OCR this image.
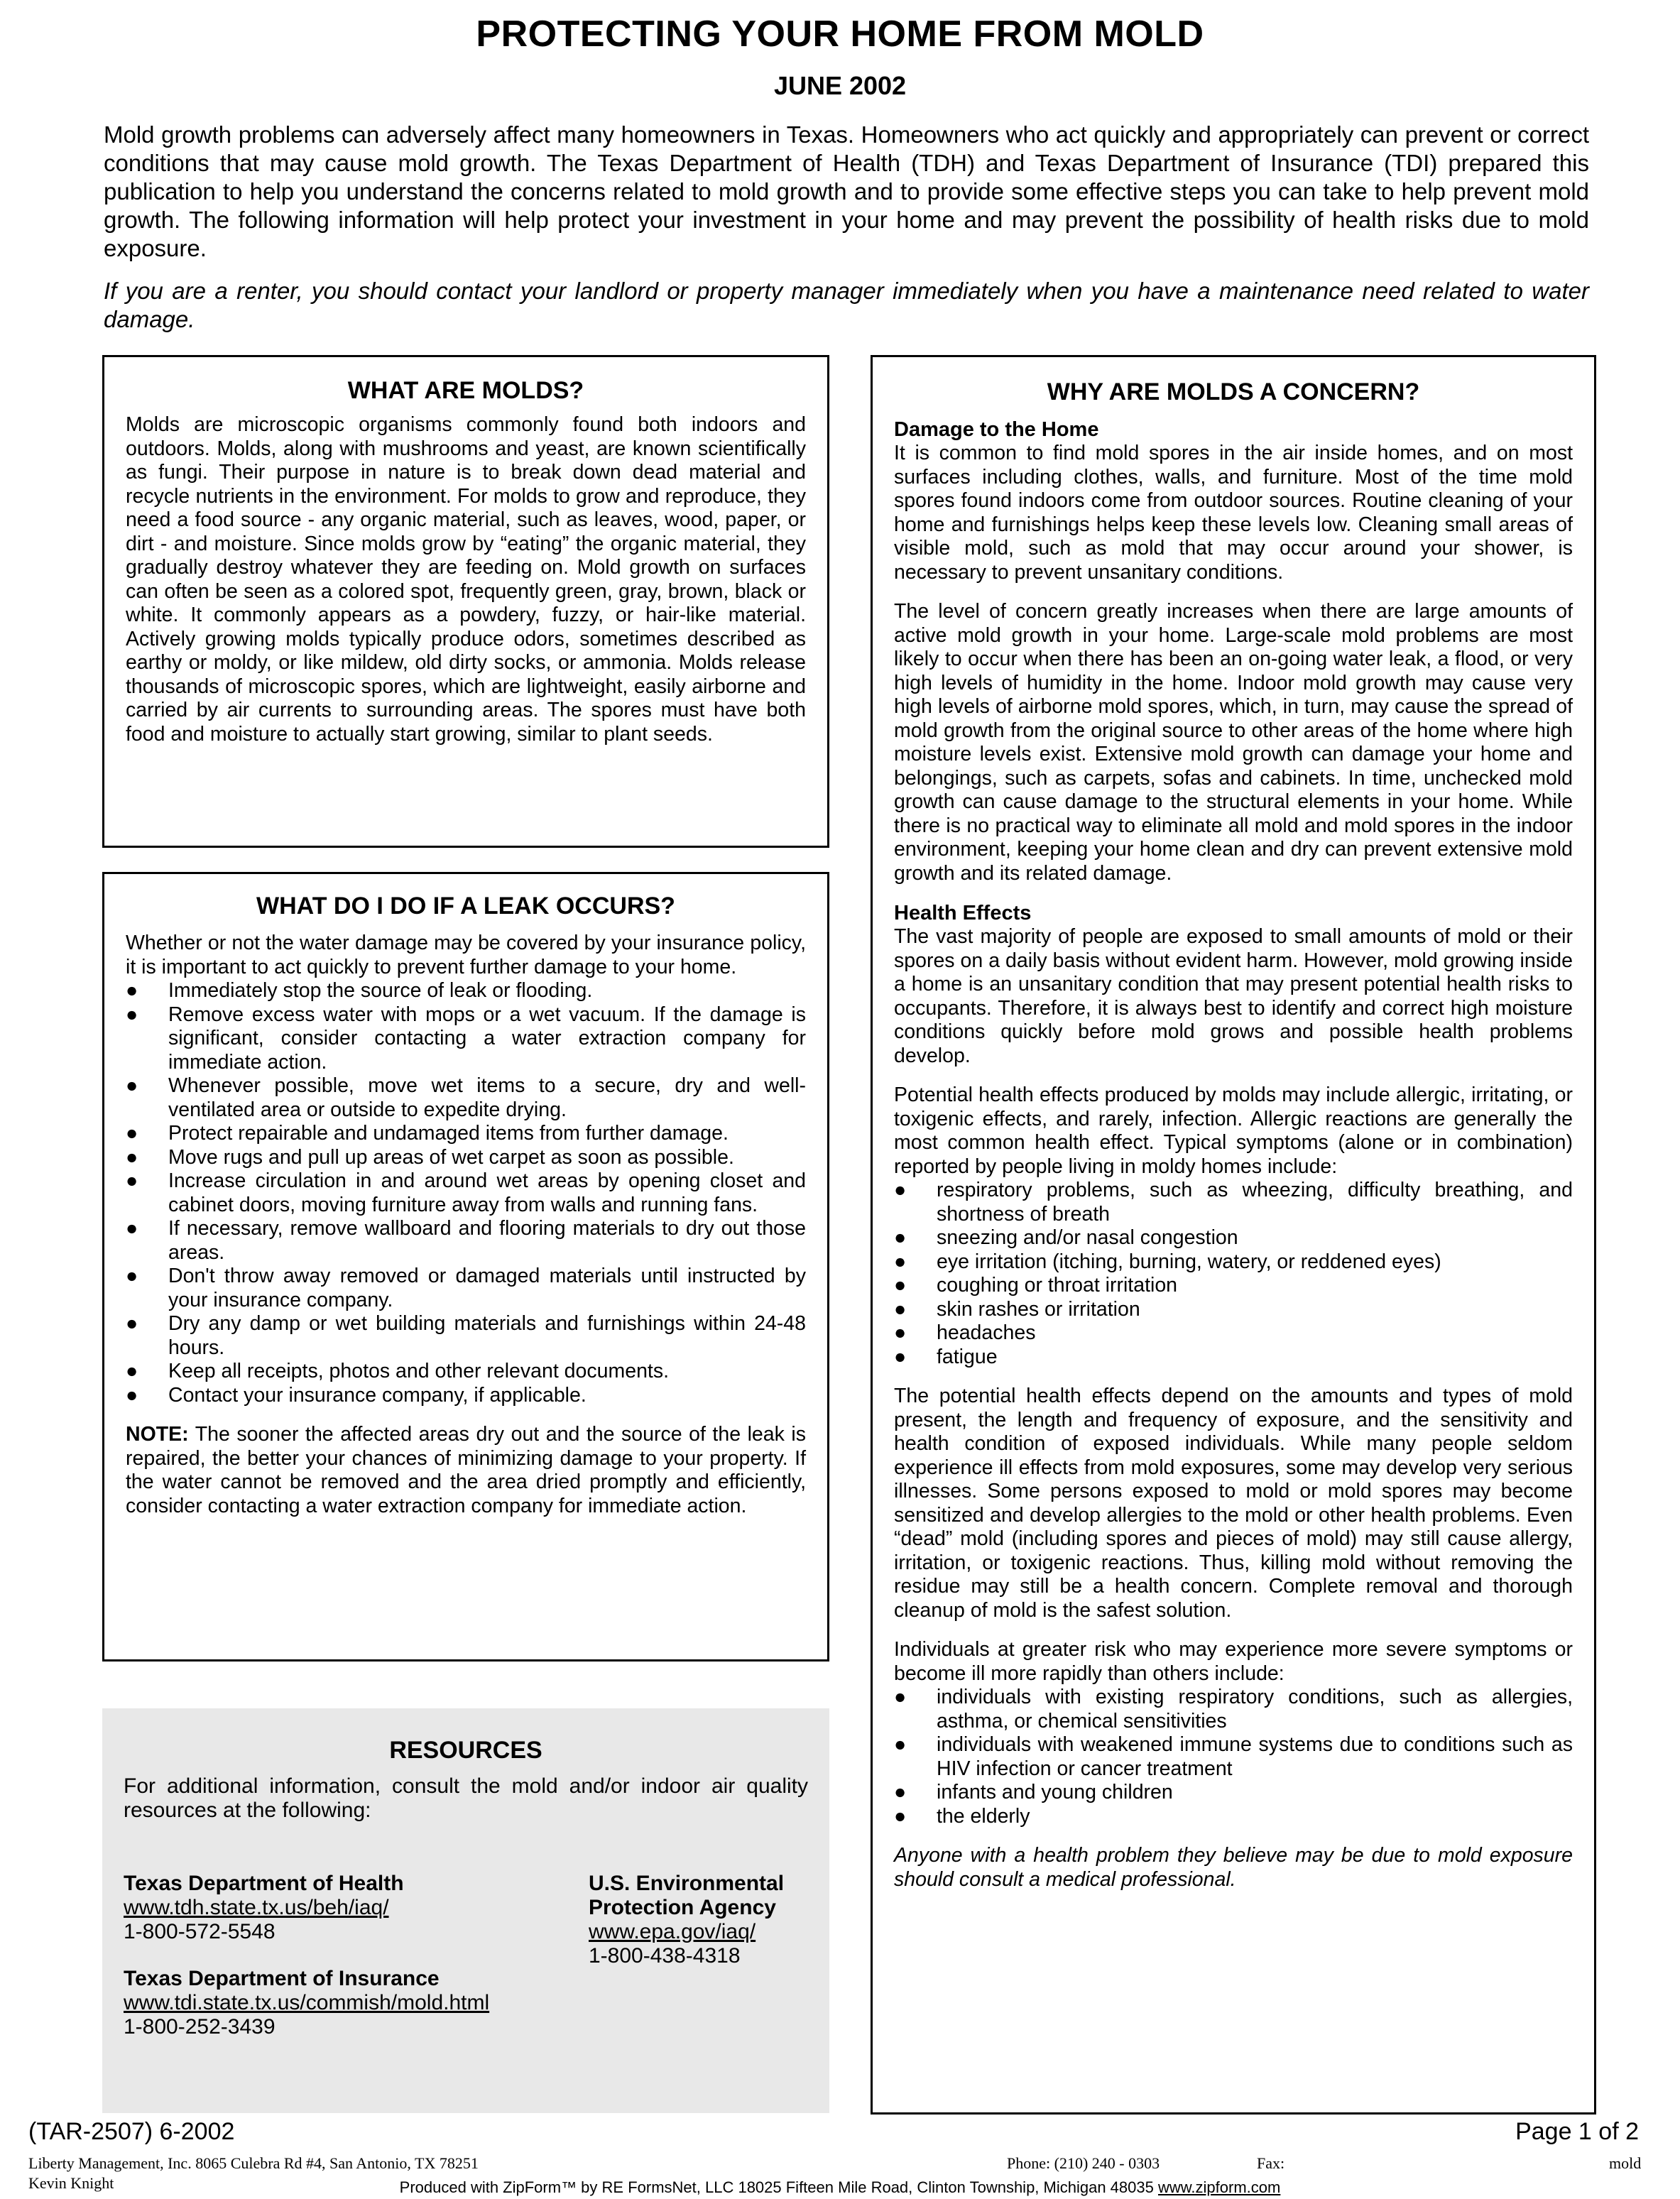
PROTECTING YOUR HOME FROM MOLD
JUNE 2002

Mold growth problems can adversely affect many homeowners in Texas. Homeowners who act quickly and appropriately can prevent or correct conditions that may cause mold growth. The Texas Department of Health (TDH) and Texas Department of Insurance (TDI) prepared this publication to help you understand the concerns related to mold growth and to provide some effective steps you can take to help prevent mold growth. The following information will help protect your investment in your home and may prevent the possibility of health risks due to mold exposure.

If you are a renter, you should contact your landlord or property manager immediately when you have a maintenance need related to water damage.

WHAT ARE MOLDS?

Molds are microscopic organisms commonly found both indoors and outdoors. Molds, along with mushrooms and yeast, are known scientifically as fungi. Their purpose in nature is to break down dead material and recycle nutrients in the environment. For molds to grow and reproduce, they need a food source - any organic material, such as leaves, wood, paper, or dirt - and moisture. Since molds grow by “eating” the organic material, they gradually destroy whatever they are feeding on. Mold growth on surfaces can often be seen as a colored spot, frequently green, gray, brown, black or white. It commonly appears as a powdery, fuzzy, or hair-like material. Actively growing molds typically produce odors, sometimes described as earthy or moldy, or like mildew, old dirty socks, or ammonia. Molds release thousands of microscopic spores, which are lightweight, easily airborne and carried by air currents to surrounding areas. The spores must have both food and moisture to actually start growing, similar to plant seeds.

WHAT DO I DO IF A LEAK OCCURS?

Whether or not the water damage may be covered by your insurance policy, it is important to act quickly to prevent further damage to your home.

●	Immediately stop the source of leak or flooding.
●	Remove excess water with mops or a wet vacuum. If the damage is significant, consider contacting a water extraction company for immediate action.
●	Whenever possible, move wet items to a secure, dry and well-ventilated area or outside to expedite drying.
●	Protect repairable and undamaged items from further damage.
●	Move rugs and pull up areas of wet carpet as soon as possible.
●	Increase circulation in and around wet areas by opening closet and cabinet doors, moving furniture away from walls and running fans.
●	If necessary, remove wallboard and flooring materials to dry out those areas.
●	Don't throw away removed or damaged materials until instructed by your insurance company.
●	Dry any damp or wet building materials and furnishings within 24-48 hours.
●	Keep all receipts, photos and other relevant documents.
●	Contact your insurance company, if applicable.

NOTE: The sooner the affected areas dry out and the source of the leak is repaired, the better your chances of minimizing damage to your property. If the water cannot be removed and the area dried promptly and efficiently, consider contacting a water extraction company for immediate action.

RESOURCES

For additional information, consult the mold and/or indoor air quality resources at the following:

Texas Department of Health

www.tdh.state.tx.us/beh/iaq/

1-800-572-5548

Texas Department of Insurance

www.tdi.state.tx.us/commish/mold.html

1-800-252-3439

U.S. Environmental

Protection Agency

www.epa.gov/iaq/

1-800-438-4318

WHY ARE MOLDS A CONCERN?

Damage to the Home

It is common to find mold spores in the air inside homes, and on most surfaces including clothes, walls, and furniture. Most of the time mold spores found indoors come from outdoor sources. Routine cleaning of your home and furnishings helps keep these levels low. Cleaning small areas of visible mold, such as mold that may occur around your shower, is necessary to prevent unsanitary conditions.

The level of concern greatly increases when there are large amounts of active mold growth in your home. Large-scale mold problems are most likely to occur when there has been an on-going water leak, a flood, or very high levels of humidity in the home. Indoor mold growth may cause very high levels of airborne mold spores, which, in turn, may cause the spread of mold growth from the original source to other areas of the home where high moisture levels exist. Extensive mold growth can damage your home and belongings, such as carpets, sofas and cabinets. In time, unchecked mold growth can cause damage to the structural elements in your home. While there is no practical way to eliminate all mold and mold spores in the indoor environment, keeping your home clean and dry can prevent extensive mold growth and its related damage.

Health Effects

The vast majority of people are exposed to small amounts of mold or their spores on a daily basis without evident harm. However, mold growing inside a home is an unsanitary condition that may present potential health risks to occupants. Therefore, it is always best to identify and correct high moisture conditions quickly before mold grows and possible health problems develop.

Potential health effects produced by molds may include allergic, irritating, or toxigenic effects, and rarely, infection. Allergic reactions are generally the most common health effect. Typical symptoms (alone or in combination) reported by people living in moldy homes include:

●	respiratory problems, such as wheezing, difficulty breathing, and shortness of breath
●	sneezing and/or nasal congestion
●	eye irritation (itching, burning, watery, or reddened eyes)
●	coughing or throat irritation
●	skin rashes or irritation
●	headaches
●	fatigue

The potential health effects depend on the amounts and types of mold present, the length and frequency of exposure, and the sensitivity and health condition of exposed individuals. While many people seldom experience ill effects from mold exposures, some may develop very serious illnesses. Some persons exposed to mold or mold spores may become sensitized and develop allergies to the mold or other health problems. Even “dead” mold (including spores and pieces of mold) may still cause allergy, irritation, or toxigenic reactions. Thus, killing mold without removing the residue may still be a health concern. Complete removal and thorough cleanup of mold is the safest solution.

Individuals at greater risk who may experience more severe symptoms or become ill more rapidly than others include:

●	individuals with existing respiratory conditions, such as allergies, asthma, or chemical sensitivities
●	individuals with weakened immune systems due to conditions such as HIV infection or cancer treatment
●	infants and young children
●	the elderly

Anyone with a health problem they believe may be due to mold exposure should consult a medical professional.

(TAR-2507) 6-2002	Page 1 of 2
Liberty Management, Inc. 8065 Culebra Rd #4, San Antonio, TX 78251	Phone: (210) 240 - 0303	Fax:	mold
Kevin Knight	Produced with ZipForm™ by RE FormsNet, LLC 18025 Fifteen Mile Road, Clinton Township, Michigan 48035 www.zipform.com
